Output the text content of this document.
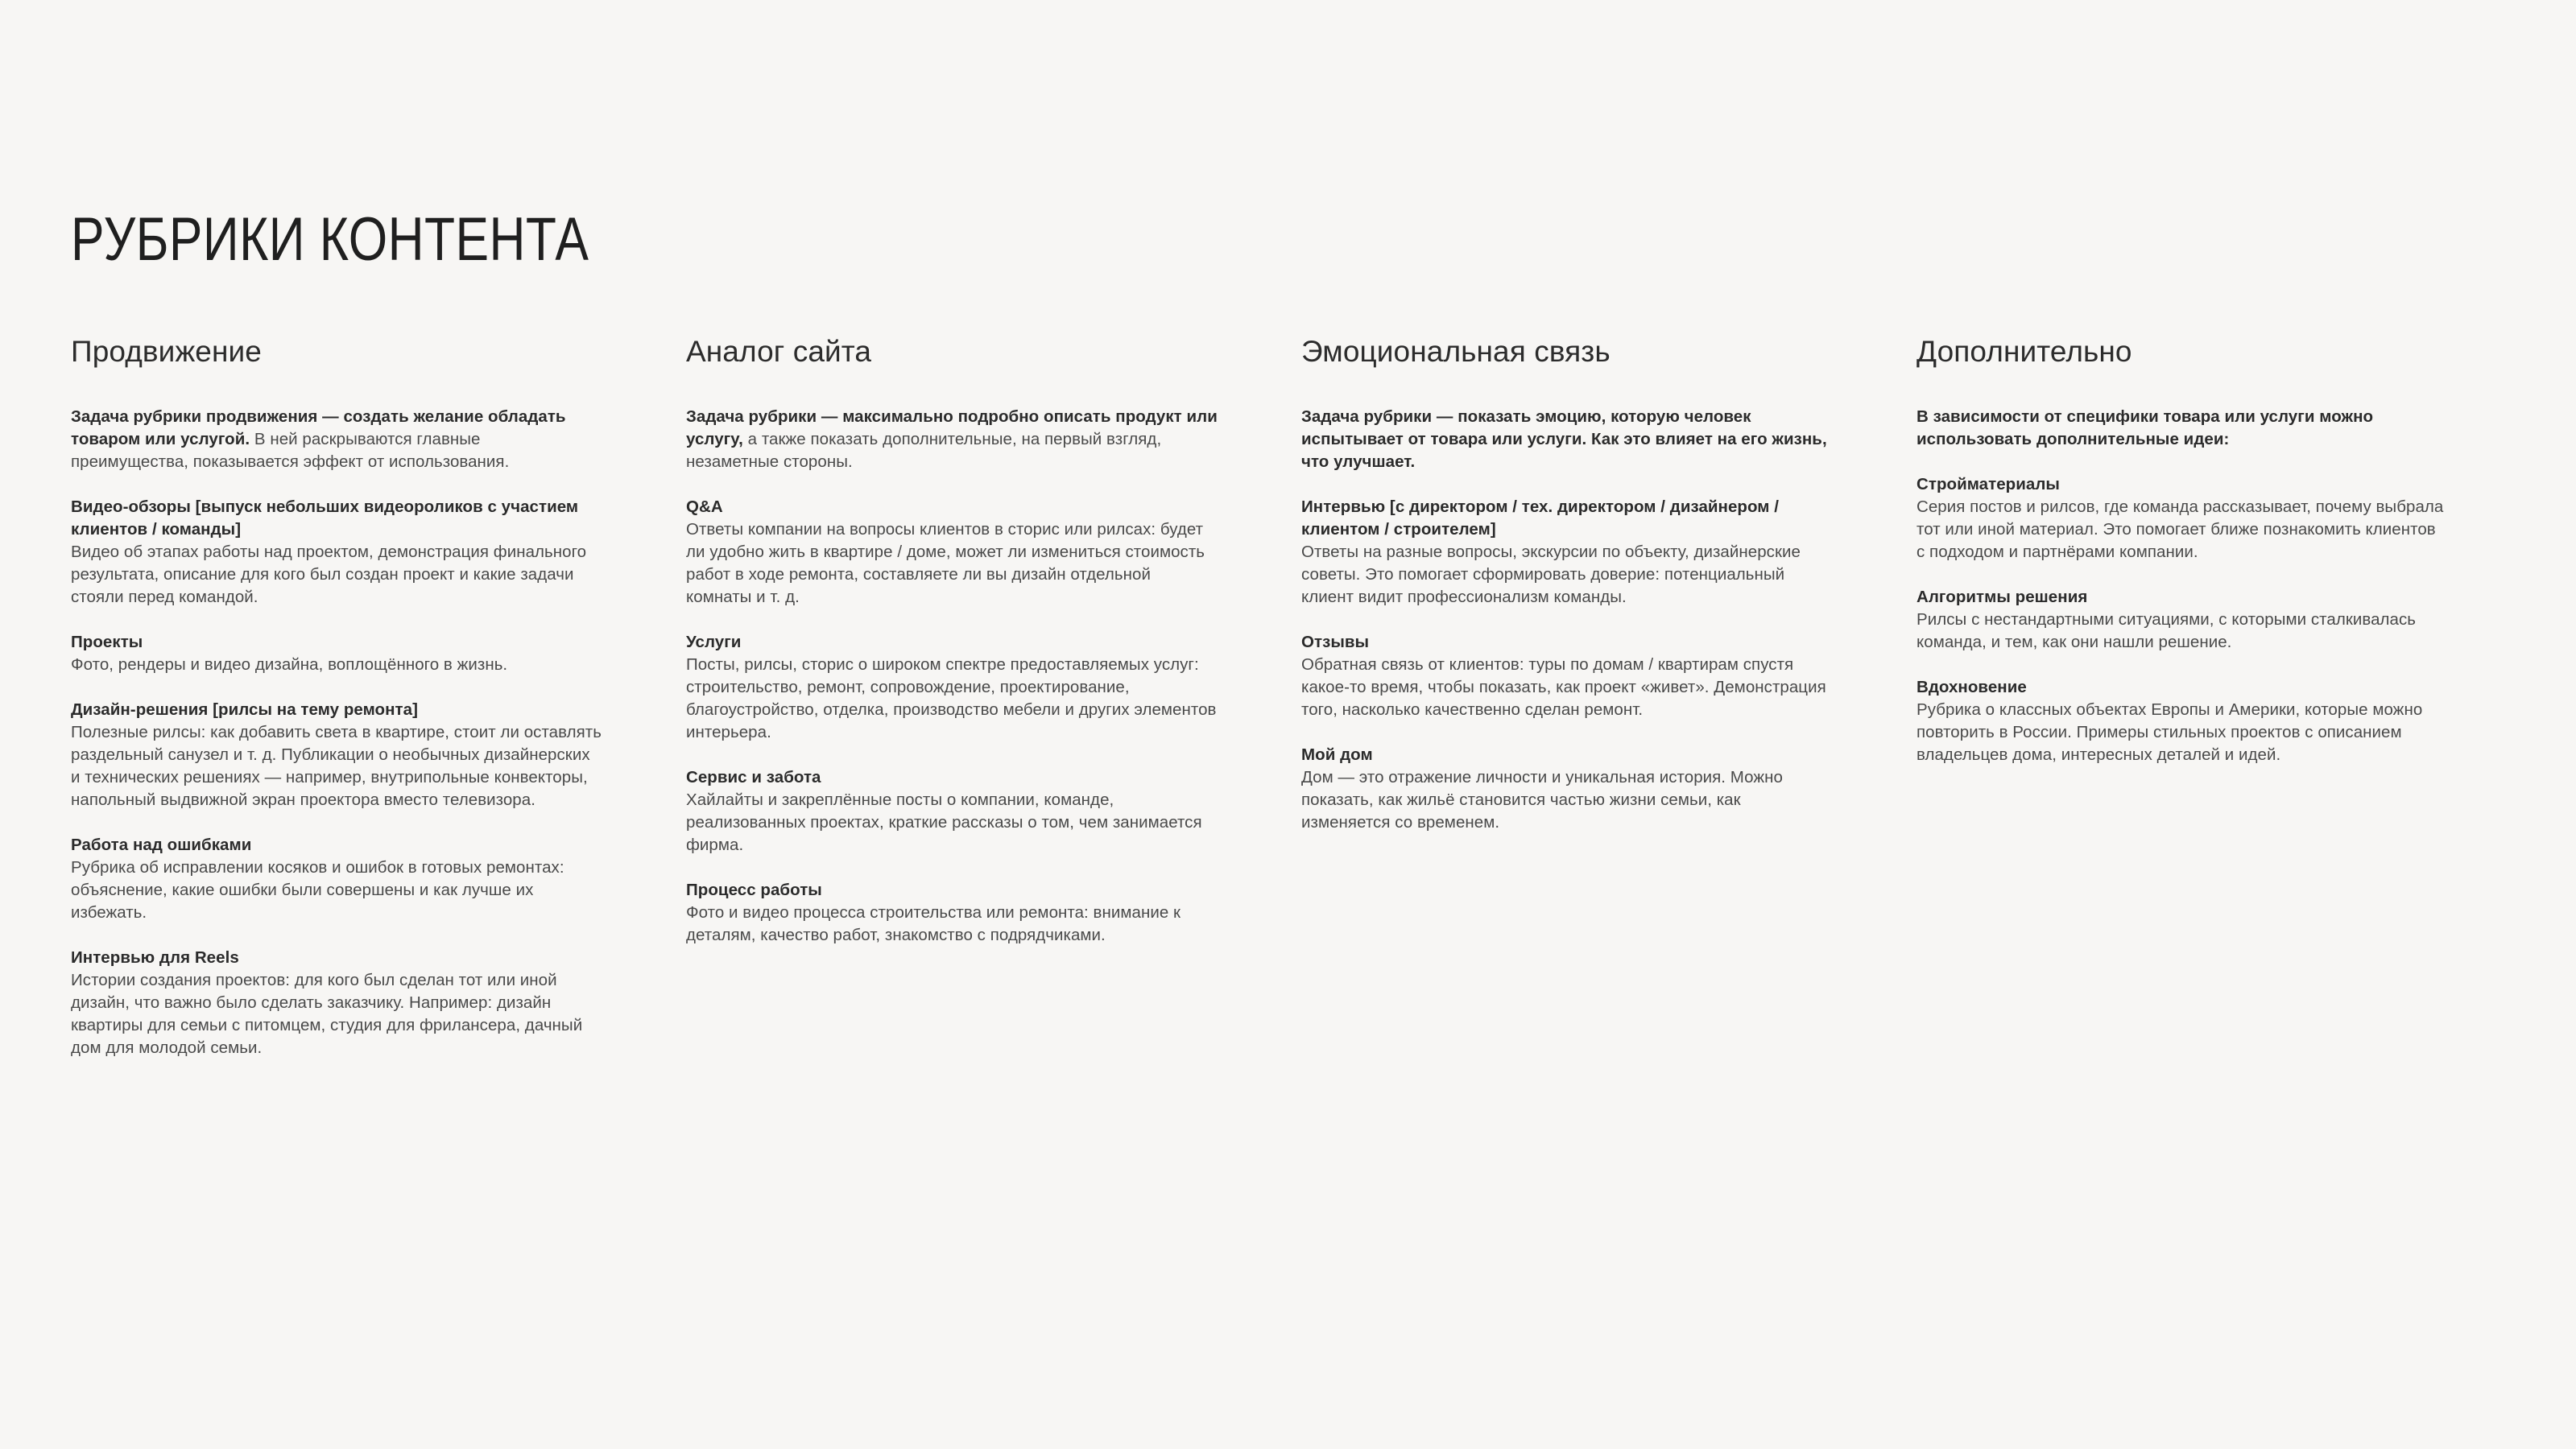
РУБРИКИ КОНТЕНТА
Продвижение

Задача рубрики продвижения — создать желание обладать товаром или услугой. В ней раскрываются главные преимущества, показывается эффект от использования.

Видео-обзоры [выпуск небольших видеороликов с участием клиентов / команды]

Видео об этапах работы над проектом, демонстрация финального результата, описание для кого был создан проект и какие задачи стояли перед командой.

Проекты

Фото, рендеры и видео дизайна, воплощённого в жизнь.

Дизайн-решения [рилсы на тему ремонта]

Полезные рилсы: как добавить света в квартире, стоит ли оставлять раздельный санузел и т. д. Публикации о необычных дизайнерских и технических решениях — например, внутрипольные конвекторы, напольный выдвижной экран проектора вместо телевизора.

Работа над ошибками

Рубрика об исправлении косяков и ошибок в готовых ремонтах: объяснение, какие ошибки были совершены и как лучше их избежать.

Интервью для Reels

Истории создания проектов: для кого был сделан тот или иной дизайн, что важно было сделать заказчику. Например: дизайн квартиры для семьи с питомцем, студия для фрилансера, дачный дом для молодой семьи.

Аналог сайта

Задача рубрики — максимально подробно описать продукт или услугу, а также показать дополнительные, на первый взгляд, незаметные стороны.

Q&A

Ответы компании на вопросы клиентов в сторис или рилсах: будет ли удобно жить в квартире / доме, может ли измениться стоимость работ в ходе ремонта, составляете ли вы дизайн отдельной комнаты и т. д.

Услуги

Посты, рилсы, сторис о широком спектре предоставляемых услуг: строительство, ремонт, сопровождение, проектирование, благоустройство, отделка, производство мебели и других элементов интерьера.

Сервис и забота

Хайлайты и закреплённые посты о компании, команде, реализованных проектах, краткие рассказы о том, чем занимается фирма.

Процесс работы

Фото и видео процесса строительства или ремонта: внимание к деталям, качество работ, знакомство с подрядчиками.

Эмоциональная связь

Задача рубрики — показать эмоцию, которую человек испытывает от товара или услуги. Как это влияет на его жизнь, что улучшает.

Интервью [с директором / тех. директором / дизайнером / клиентом / строителем]

Ответы на разные вопросы, экскурсии по объекту, дизайнерские советы. Это помогает сформировать доверие: потенциальный клиент видит профессионализм команды.

Отзывы

Обратная связь от клиентов: туры по домам / квартирам спустя какое-то время, чтобы показать, как проект «живет». Демонстрация того, насколько качественно сделан ремонт.

Мой дом

Дом — это отражение личности и уникальная история. Можно показать, как жильё становится частью жизни семьи, как изменяется со временем.

Дополнительно

В зависимости от специфики товара или услуги можно использовать дополнительные идеи:

Стройматериалы

Серия постов и рилсов, где команда рассказывает, почему выбрала тот или иной материал. Это помогает ближе познакомить клиентов с подходом и партнёрами компании.

Алгоритмы решения

Рилсы с нестандартными ситуациями, с которыми сталкивалась команда, и тем, как они нашли решение.

Вдохновение

Рубрика о классных объектах Европы и Америки, которые можно повторить в России. Примеры стильных проектов с описанием владельцев дома, интересных деталей и идей.
